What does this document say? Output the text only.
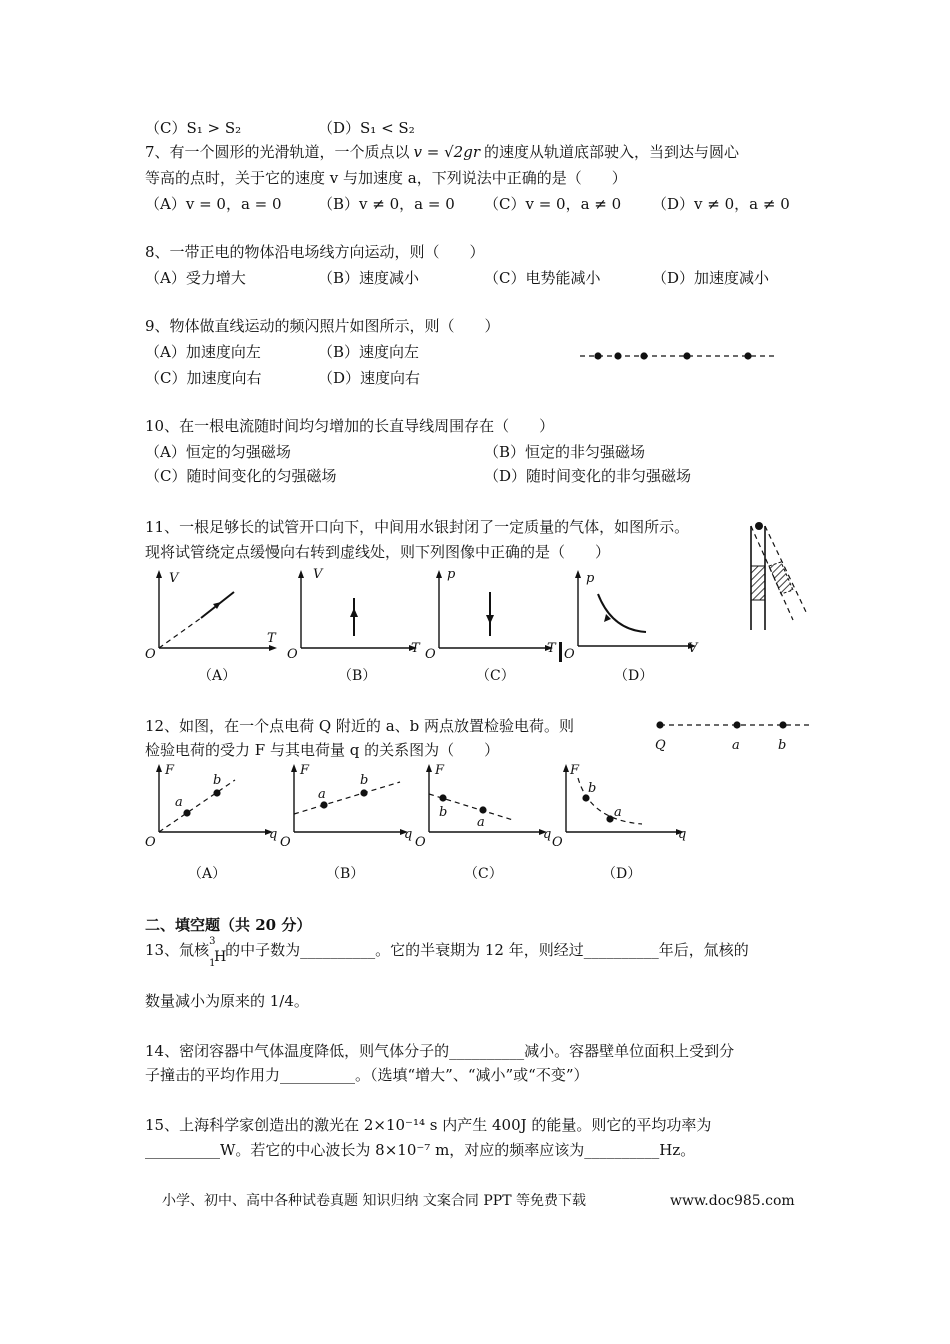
（C）S₁ > S₂	（D）S₁ < S₂
7、有一个圆形的光滑轨道，一个质点以 v = √2gr 的速度从轨道底部驶入，当到达与圆心
等高的点时，关于它的速度 v 与加速度 a，下列说法中正确的是（　　）
（A）v = 0，a = 0 （B）v ≠ 0，a = 0 （C）v = 0，a ≠ 0 （D）v ≠ 0，a ≠ 0
8、一带正电的物体沿电场线方向运动，则（　　）
（A）受力增大	（B）速度减小	（C）电势能减小	（D）加速度减小
9、物体做直线运动的频闪照片如图所示，则（　　）
（A）加速度向左	（B）速度向左
（C）加速度向右	（D）速度向右
10、在一根电流随时间均匀增加的长直导线周围存在（　　）
（A）恒定的匀强磁场	（B）恒定的非匀强磁场
（C）随时间变化的匀强磁场	（D）随时间变化的非匀强磁场
11、一根足够长的试管开口向下，中间用水银封闭了一定质量的气体，如图所示。
现将试管绕定点缓慢向右转到虚线处，则下列图像中正确的是（　　）
V
T
O
（A）
V
T
O
（B）
p
T
O
（C）
p
V
O
（D）
12、如图，在一个点电荷 Q 附近的 a、b 两点放置检验电荷。则
检验电荷的受力 F 与其电荷量 q 的关系图为（　　）	Q	a	b
a
b
F
q
O
（A）
a
b
F
q
O
（B）
b
a
F
q
O
（C）
b
a
F
q
O
（D）
二、填空题（共 20 分）
13、氚核 3
1
H的中子数为__________。它的半衰期为 12 年，则经过__________年后，氚核的
数量减小为原来的 1/4。
14、密闭容器中气体温度降低，则气体分子的__________减小。容器壁单位面积上受到分
子撞击的平均作用力__________。（选填“增大”、“减小”或“不变”）
15、上海科学家创造出的激光在 2×10⁻¹⁴ s 内产生 400J 的能量。则它的平均功率为
__________W。若它的中心波长为 8×10⁻⁷ m，对应的频率应该为__________Hz。
小学、初中、高中各种试卷真题 知识归纳 文案合同 PPT 等免费下载	www.doc985.com
